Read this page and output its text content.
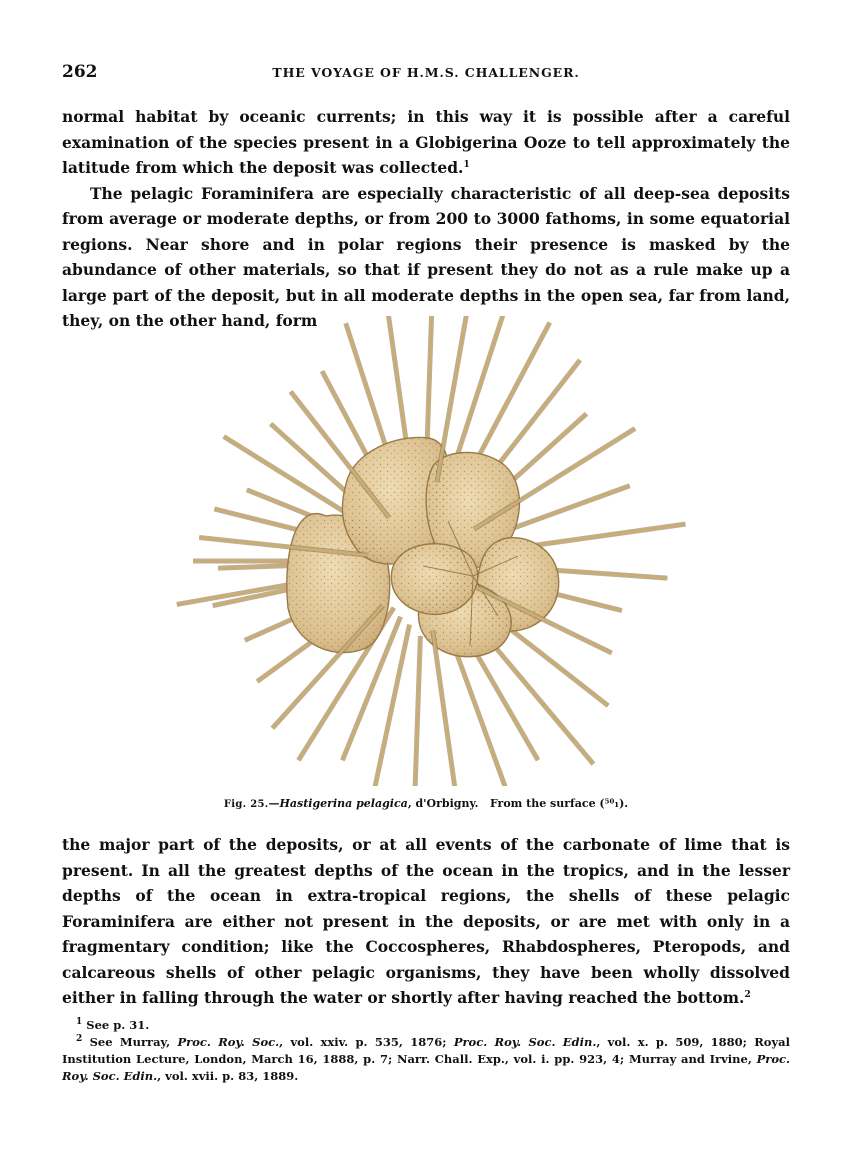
262	THE VOYAGE OF H.M.S. CHALLENGER.

normal habitat by oceanic currents; in this way it is possible after a careful examination of the species present in a Globigerina Ooze to tell approximately the latitude from which the deposit was collected.$^1$

The pelagic Foraminifera are especially characteristic of all deep-sea deposits from average or moderate depths, or from 200 to 3000 fathoms, in some equatorial regions. Near shore and in polar regions their presence is masked by the abundance of other materials, so that if present they do not as a rule make up a large part of the deposit, but in all moderate depths in the open sea, far from land, they, on the other hand, form

Fig. 25.—Hastigerina pelagica, d'Orbigny. From the surface (⁵⁰₁).

the major part of the deposits, or at all events of the carbonate of lime that is present. In all the greatest depths of the ocean in the tropics, and in the lesser depths of the ocean in extra-tropical regions, the shells of these pelagic Foraminifera are either not present in the deposits, or are met with only in a fragmentary condition; like the Coccospheres, Rhabdospheres, Pteropods, and calcareous shells of other pelagic organisms, they have been wholly dissolved either in falling through the water or shortly after having reached the bottom.$^2$

$^1$ See p. 31.

$^2$ See Murray, Proc. Roy. Soc., vol. xxiv. p. 535, 1876; Proc. Roy. Soc. Edin., vol. x. p. 509, 1880; Royal Institution Lecture, London, March 16, 1888, p. 7; Narr. Chall. Exp., vol. i. pp. 923, 4; Murray and Irvine, Proc. Roy. Soc. Edin., vol. xvii. p. 83, 1889.
